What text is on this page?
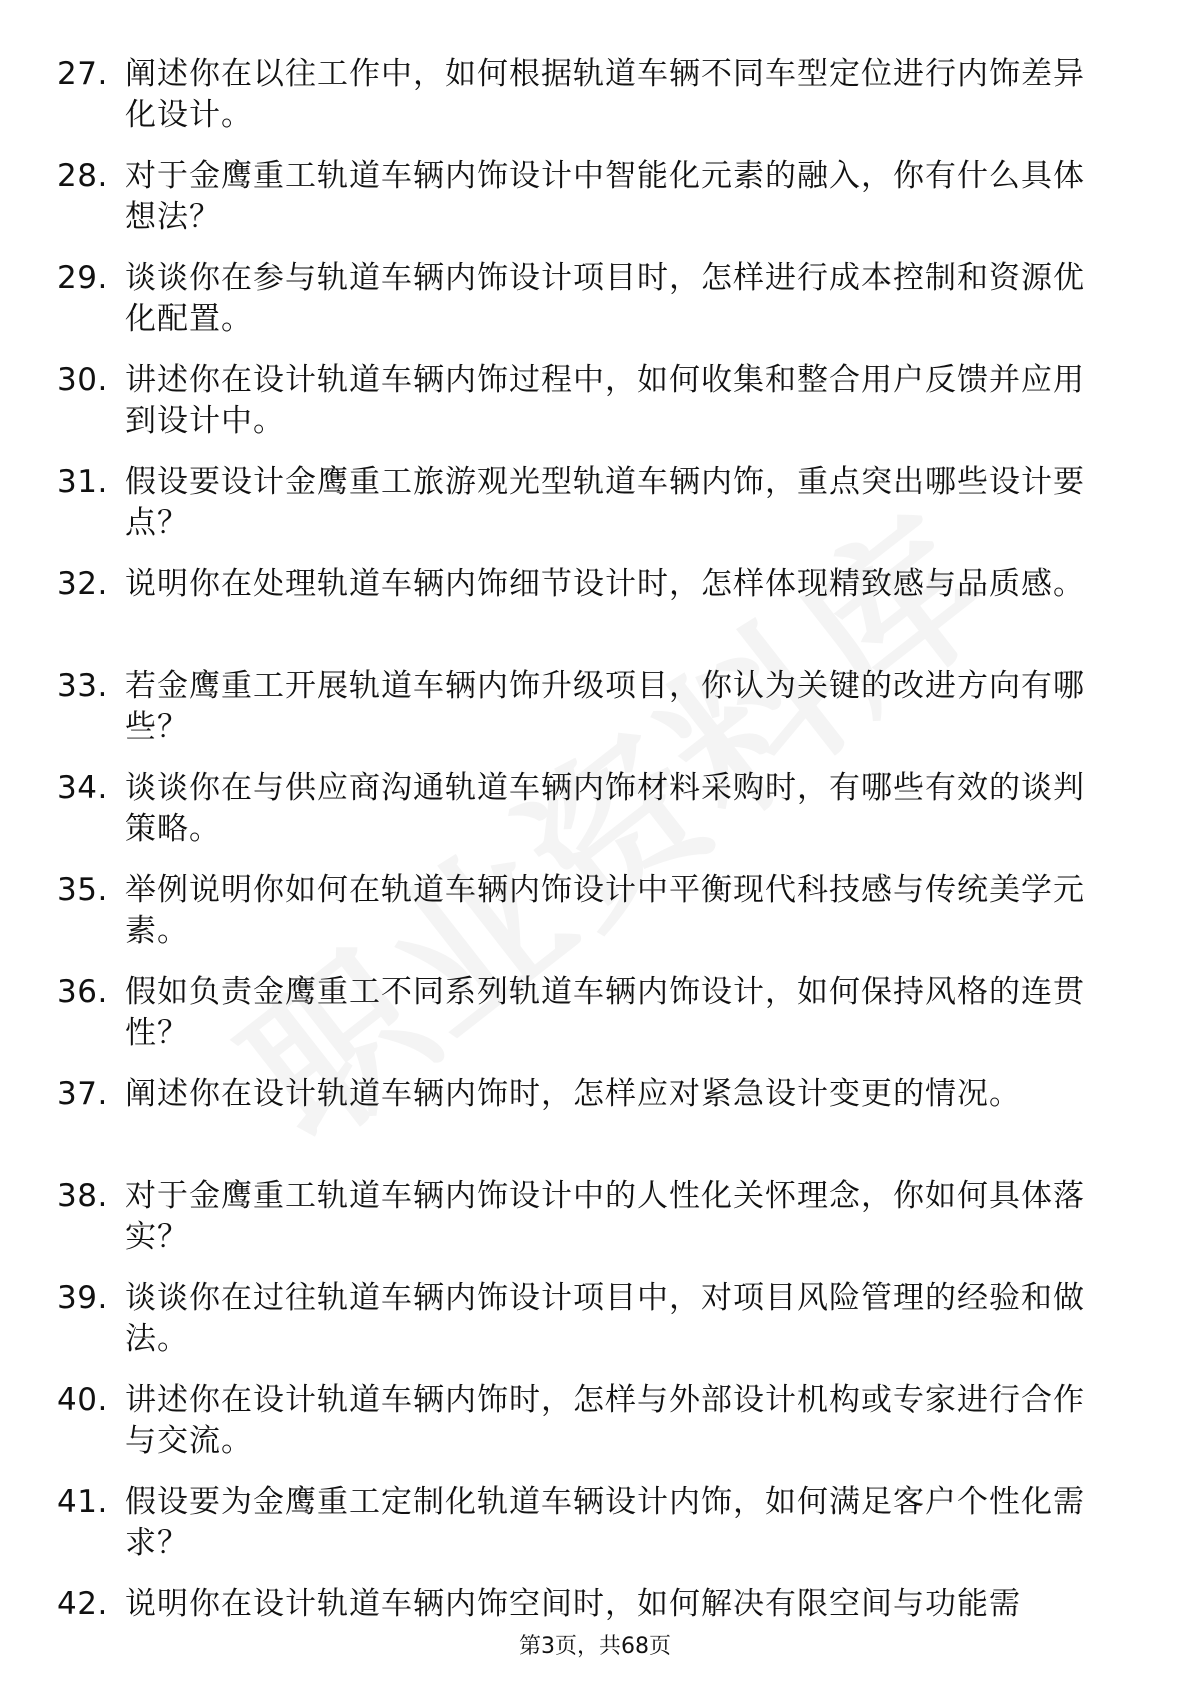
27. 阐述你在以往工作中，如何根据轨道车辆不同车型定位进行内饰差异化设计。
28. 对于金鹰重工轨道车辆内饰设计中智能化元素的融入，你有什么具体想法？
29. 谈谈你在参与轨道车辆内饰设计项目时，怎样进行成本控制和资源优化配置。
30. 讲述你在设计轨道车辆内饰过程中，如何收集和整合用户反馈并应用到设计中。
31. 假设要设计金鹰重工旅游观光型轨道车辆内饰，重点突出哪些设计要点？
32. 说明你在处理轨道车辆内饰细节设计时，怎样体现精致感与品质感。
33. 若金鹰重工开展轨道车辆内饰升级项目，你认为关键的改进方向有哪些？
34. 谈谈你在与供应商沟通轨道车辆内饰材料采购时，有哪些有效的谈判策略。
35. 举例说明你如何在轨道车辆内饰设计中平衡现代科技感与传统美学元素。
36. 假如负责金鹰重工不同系列轨道车辆内饰设计，如何保持风格的连贯性？
37. 阐述你在设计轨道车辆内饰时，怎样应对紧急设计变更的情况。
38. 对于金鹰重工轨道车辆内饰设计中的人性化关怀理念，你如何具体落实？
39. 谈谈你在过往轨道车辆内饰设计项目中，对项目风险管理的经验和做法。
40. 讲述你在设计轨道车辆内饰时，怎样与外部设计机构或专家进行合作与交流。
41. 假设要为金鹰重工定制化轨道车辆设计内饰，如何满足客户个性化需求？
42. 说明你在设计轨道车辆内饰空间时，如何解决有限空间与功能需
第3页，共68页
